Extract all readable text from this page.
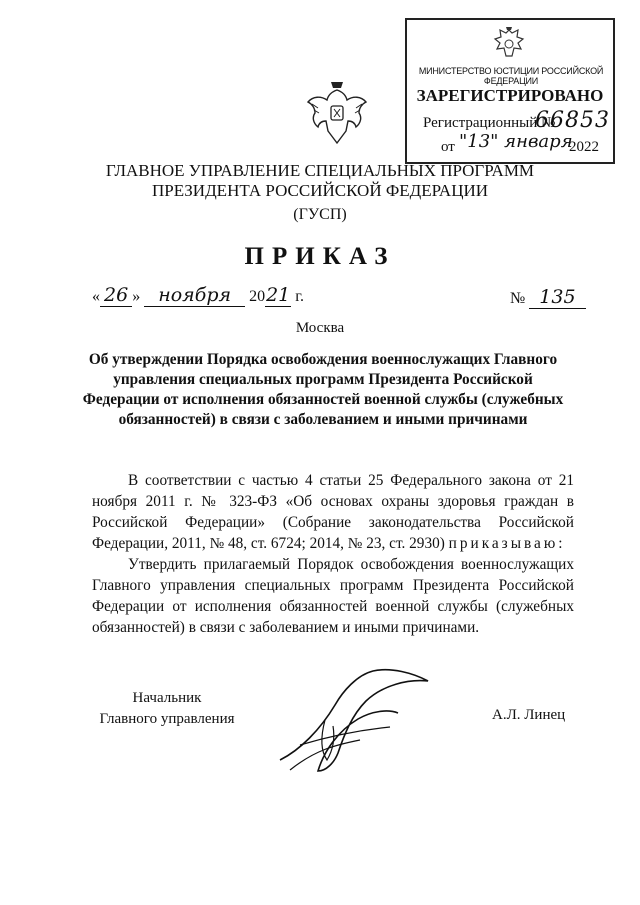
МИНИСТЕРСТВО ЮСТИЦИИ РОССИЙСКОЙ ФЕДЕРАЦИИ
ЗАРЕГИСТРИРОВАНО
Регистрационный №
66853
от "13" января
2022
ГЛАВНОЕ УПРАВЛЕНИЕ СПЕЦИАЛЬНЫХ ПРОГРАММ
ПРЕЗИДЕНТА РОССИЙСКОЙ ФЕДЕРАЦИИ
(ГУСП)
ПРИКАЗ
« 26 » ноября 2021 г.	№ 135
Москва
Об утверждении Порядка освобождения военнослужащих Главного управления специальных программ Президента Российской Федерации от исполнения обязанностей военной службы (служебных обязанностей) в связи с заболеванием и иными причинами
В соответствии с частью 4 статьи 25 Федерального закона от 21 ноября 2011 г. № 323-ФЗ «Об основах охраны здоровья граждан в Российской Федерации» (Собрание законодательства Российской Федерации, 2011, № 48, ст. 6724; 2014, № 23, ст. 2930) приказываю:
Утвердить прилагаемый Порядок освобождения военнослужащих Главного управления специальных программ Президента Российской Федерации от исполнения обязанностей военной службы (служебных обязанностей) в связи с заболеванием и иными причинами.
Начальник
Главного управления	А.Л. Линец
